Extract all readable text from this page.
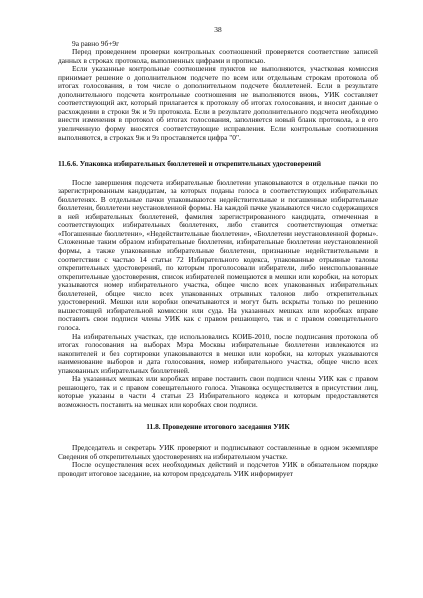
38

9а равно 9б+9г

Перед проведением проверки контрольных соотношений проверяется соответствие записей данных в строках протокола, выполненных цифрами и прописью.

Если указанные контрольные соотношения пунктов не выполняются, участковая комиссия принимает решение о дополнительном подсчете по всем или отдельным строкам протокола об итогах голосования, в том числе о дополнительном подсчете бюллетеней. Если в результате дополнительного подсчета контрольные соотношения не выполняются вновь, УИК составляет соответствующий акт, который прилагается к протоколу об итогах голосования, и вносит данные о расхождении в строки 9ж и 9з протокола. Если в результате дополнительного подсчета необходимо внести изменения в протокол об итогах голосования, заполняется новый бланк протокола, а в его увеличенную форму вносятся соответствующие исправления. Если контрольные соотношения выполняются, в строках 9ж и 9з проставляется цифра "0".

11.6.6. Упаковка избирательных бюллетеней и открепительных удостоверений

После завершения подсчета избирательные бюллетени упаковываются в отдельные пачки по зарегистрированным кандидатам, за которых поданы голоса в соответствующих избирательных бюллетенях. В отдельные пачки упаковываются недействительные и погашенные избирательные бюллетени, бюллетени неустановленной формы. На каждой пачке указываются число содержащихся в ней избирательных бюллетеней, фамилия зарегистрированного кандидата, отмеченная в соответствующих избирательных бюллетенях, либо ставится соответствующая отметка: «Погашенные бюллетени», «Недействительные бюллетени», «Бюллетени неустановленной формы». Сложенные таким образом избирательные бюллетени, избирательные бюллетени неустановленной формы, а также упакованные избирательные бюллетени, признанные недействительными в соответствии с частью 14 статьи 72 Избирательного кодекса, упакованные отрывные талоны открепительных удостоверений, по которым проголосовали избиратели, либо неиспользованные открепительные удостоверения, список избирателей помещаются в мешки или коробки, на которых указываются номер избирательного участка, общее число всех упакованных избирательных бюллетеней, общее число всех упакованных отрывных талонов либо открепительных удостоверений. Мешки или коробки опечатываются и могут быть вскрыты только по решению вышестоящей избирательной комиссии или суда. На указанных мешках или коробках вправе поставить свои подписи члены УИК как с правом решающего, так и с правом совещательного голоса.

На избирательных участках, где использовались КОИБ-2010, после подписания протокола об итогах голосования на выборах Мэра Москвы избирательные бюллетени извлекаются из накопителей и без сортировки упаковываются в мешки или коробки, на которых указываются наименование выборов и дата голосования, номер избирательного участка, общее число всех упакованных избирательных бюллетеней.

На указанных мешках или коробках вправе поставить свои подписи члены УИК как с правом решающего, так и с правом совещательного голоса. Упаковка осуществляется в присутствии лиц, которые указаны в части 4 статьи 23 Избирательного кодекса и которым предоставляется возможность поставить на мешках или коробках свои подписи.

11.8. Проведение итогового заседания УИК

Председатель и секретарь УИК проверяют и подписывают составленные в одном экземпляре Сведения об открепительных удостоверениях на избирательном участке.

После осуществления всех необходимых действий и подсчетов УИК в обязательном порядке проводит итоговое заседание, на котором председатель УИК информирует
